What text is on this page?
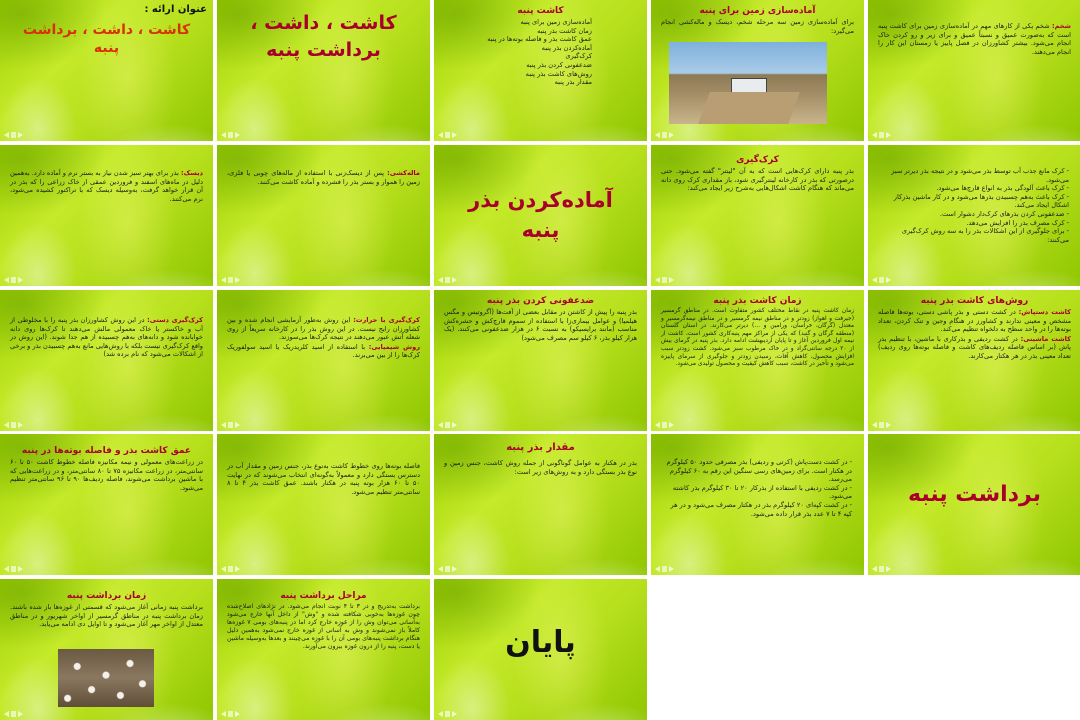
عنوان ارائه :
کاشت ، داشت ، برداشت پنبه
کاشت ، داشت ، برداشت پنبه
کاشت پنبه
آماده‌سازی زمین برای پنبه
زمان کاشت بذر پنبه
عمق کاشت بذر و فاصله بوته‌ها در پنبه
آماده‌کردن بذر پنبه
کرک‌گیری
ضدعفونی کردن بذر پنبه
روش‌های کاشت بذر پنبه
مقدار بذر پنبه
آماده‌سازی زمین برای پنبه
برای آماده‌سازی زمین سه مرحله شخم، دیسک و ماله‌کشی انجام می‌گیرد:
شخم: شخم یکی از کارهای مهم در آماده‌سازی زمین برای کاشت پنبه است که به‌صورت عمیق و نسبتاً عمیق و برای زیر و رو کردن خاک انجام می‌شود. بیشتر کشاورزان در فصل پاییز یا زمستان این کار را انجام می‌دهند.
دیسک: بذر برای بهتر سبز شدن نیاز به بستر نرم و آماده دارد. به‌همین دلیل در ماه‌های اسفند و فروردین عمقی از خاک زراعی را که بذر در آن قرار خواهد گرفت، به‌وسیله دیسک که با تراکتور کشیده می‌شود، نرم می‌کنند.
ماله‌کشی: پس از دیسک‌زنی با استفاده از ماله‌های چوبی یا فلزی، زمین را هموار و بستر بذر را فشرده و آماده کاشت می‌کنند.
آماده‌کردن بذر پنبه
کرک‌گیری
بذر پنبه دارای کرک‌هایی است که به آن "لینتر" گفته می‌شود. حتی درصورتی که بذر در کارخانه لینترگیری شود، باز مقداری کرک روی دانه می‌ماند که هنگام کاشت اشکال‌هایی به‌شرح زیر ایجاد می‌کند:
- کرک مانع جذب آب توسط بذر می‌شود و در نتیجه بذر دیرتر سبز می‌شود.
- کرک باعث آلودگی بذر به انواع قارچ‌ها می‌شود.
- کرک باعث به‌هم چسبیدن بذرها می‌شود و در کار ماشین بذرکار اشکال ایجاد می‌کند.
- ضدعفونی کردن بذرهای کرک‌دار دشوار است.
- کرک مصرف بذر را افزایش می‌دهد.
- برای جلوگیری از این اشکالات بذر را به سه روش کرک‌گیری می‌کنند:
کرک‌گیری دستی: در این روش کشاورزان بذر پنبه را با مخلوطی از آب و خاکستر یا خاک معمولی مالش می‌دهند تا کرک‌ها روی دانه خوابانده شود و دانه‌های به‌هم چسبیده از هم جدا شوند. (این روش در واقع کرک‌گیری نیست بلکه با روش‌هایی مانع به‌هم چسبیدن بذر و برخی از اشکالات می‌شود که نام برده شد)

کرک‌گیری با حرارت: این روش به‌طور آزمایشی انجام شده و بین کشاورزان رایج نیست. در این روش بذر را در کارخانه سریعاً از روی شعله آتش عبور می‌دهند در نتیجه کرک‌ها می‌سوزند.

روش شیمیایی: با استفاده از اسید کلریدریک یا اسید سولفوریک کرک‌ها را از بین می‌برند.

ضدعفونی کردن بذر پنبه
بذر پنبه را پیش از کاشتن در مقابل بعضی از آفت‌ها (آگروتیس و مگس هیلمیا) و عوامل بیماری‌زا با استفاده از سموم قارچ‌کش و حشره‌کش مناسب (مانند برایسیکو) به نسبت ۶ در هزار ضدعفونی می‌کنند. (یک هزار کیلو بذر، ۶ کیلو سم مصرف می‌شود)
زمان کاشت بذر پنبه
زمان کاشت پنبه در نقاط مختلف کشور متفاوت است. در مناطق گرمسیر (جیرفت و اهواز) زودتر و در مناطق نیمه گرمسیر و در مناطق نیمه‌گرمسیر و معتدل (گرگان، خراسان، ورامین و ...) دیرتر می‌کارند. در استان گلستان (منطقه گرگان و گنبد) که یکی از مراکز مهم پنبه‌کاری کشور است، کاشت از نیمه اول فروردین آغاز و تا پایان اردیبهشت ادامه دارد. بذر پنبه در گرمای بیش از ۲۰ درجه سانتی‌گراد و در خاک مرطوب سبز می‌شود. کشت زودتر سبب افزایش محصول، کاهش آفات، رسیدن زودتر و جلوگیری از سرمای پاییزه می‌شود و تأخیر در کاشت، سبب کاهش کیفیت و محصول تولیدی می‌شود.
روش‌های کاشت بذر پنبه

کاشت دستپاش: در کشت دستی و بذر پاشی دستی، بوته‌ها فاصله مشخص و معینی ندارند و کشاورز در هنگام وجین و تنک کردن، تعداد بوته‌ها را در واحد سطح به دلخواه تنظیم می‌کند.

کاشت ماشینی: در کشت ردیفی و بذرکاری با ماشین، با تنظیم بذر پاش (بر اساس فاصله ردیف‌های کاشت و فاصله بوته‌ها روی ردیف) تعداد معینی بذر در هر هکتار می‌کارند.

عمق کاشت بذر و فاصله بوته‌ها در پنبه
در زراعت‌های معمولی و نیمه مکانیزه فاصله خطوط کاشت ۵۰ تا ۶۰ سانتی‌متر، در زراعت مکانیزه ۷۵ تا ۸۰ سانتی‌متر، و در زراعت‌هایی که با ماشین برداشت می‌شوند، فاصله ردیف‌ها ۹۰ تا ۹۶ سانتی‌متر تنظیم می‌شود.
فاصله بوته‌ها روی خطوط کاشت به‌نوع بذر، جنس زمین و مقدار آب در دسترس بستگی دارد و معمولاً به‌گونه‌ای انتخاب می‌شوند که در نهایت ۵۰ تا ۶۰ هزار بوته پنبه در هکتار باشند. عمق کاشت بذر ۴ تا ۸ سانتی‌متر تنظیم می‌شود.
مقدار بذر پنبه
بذر در هکتار به عوامل گوناگونی از جمله روش کاشت، جنس زمین و نوع بذر بستگی دارد و به روش‌های زیر است:
- در کشت دست‌پاش (کرتی و ردیفی) بذر مصرفی حدود ۵۰ کیلوگرم در هکتار است. برای زمین‌های رسی سنگین این رقم به ۶۰ کیلوگرم می‌رسد.
- در کشت ردیفی با استفاده از بذرکار ۲۰ تا ۳۰ کیلوگرم بذر کاشته می‌شود.
- در کشت کپه‌ای ۲۰ کیلوگرم بذر در هکتار مصرف می‌شود و در هر کپه ۴ تا ۷ عدد بذر قرار داده می‌شود.
برداشت پنبه
زمان برداشت پنبه
برداشت پنبه زمانی آغاز می‌شود که قسمتی از غوزه‌ها باز شده باشند. زمان برداشت پنبه در مناطق گرمسیر از اواخر شهریور و در مناطق معتدل از اواخر مهر آغاز می‌شود و تا اوایل دی ادامه می‌یابد.
مراحل برداشت پنبه
برداشت به‌تدریج و در ۳ تا ۴ نوبت انجام می‌شود. در نژادهای اصلاح‌شده چون غوزه‌ها به‌خوبی شکافته شده و "وش" از داخل آنها خارج می‌شود به‌آسانی می‌توان وش را از غوزه خارج کرد اما در پنبه‌های بومی ۷ غوزه‌ها کاملاً باز نمی‌شوند و وش به آسانی از غوزه خارج نمی‌شود به‌همین دلیل هنگام برداشت پنبه‌های بومی آن را با غوزه می‌چینند و بعدها به‌وسیله ماشین یا دست، پنبه را از درون غوزه بیرون می‌آورند.	پایان
